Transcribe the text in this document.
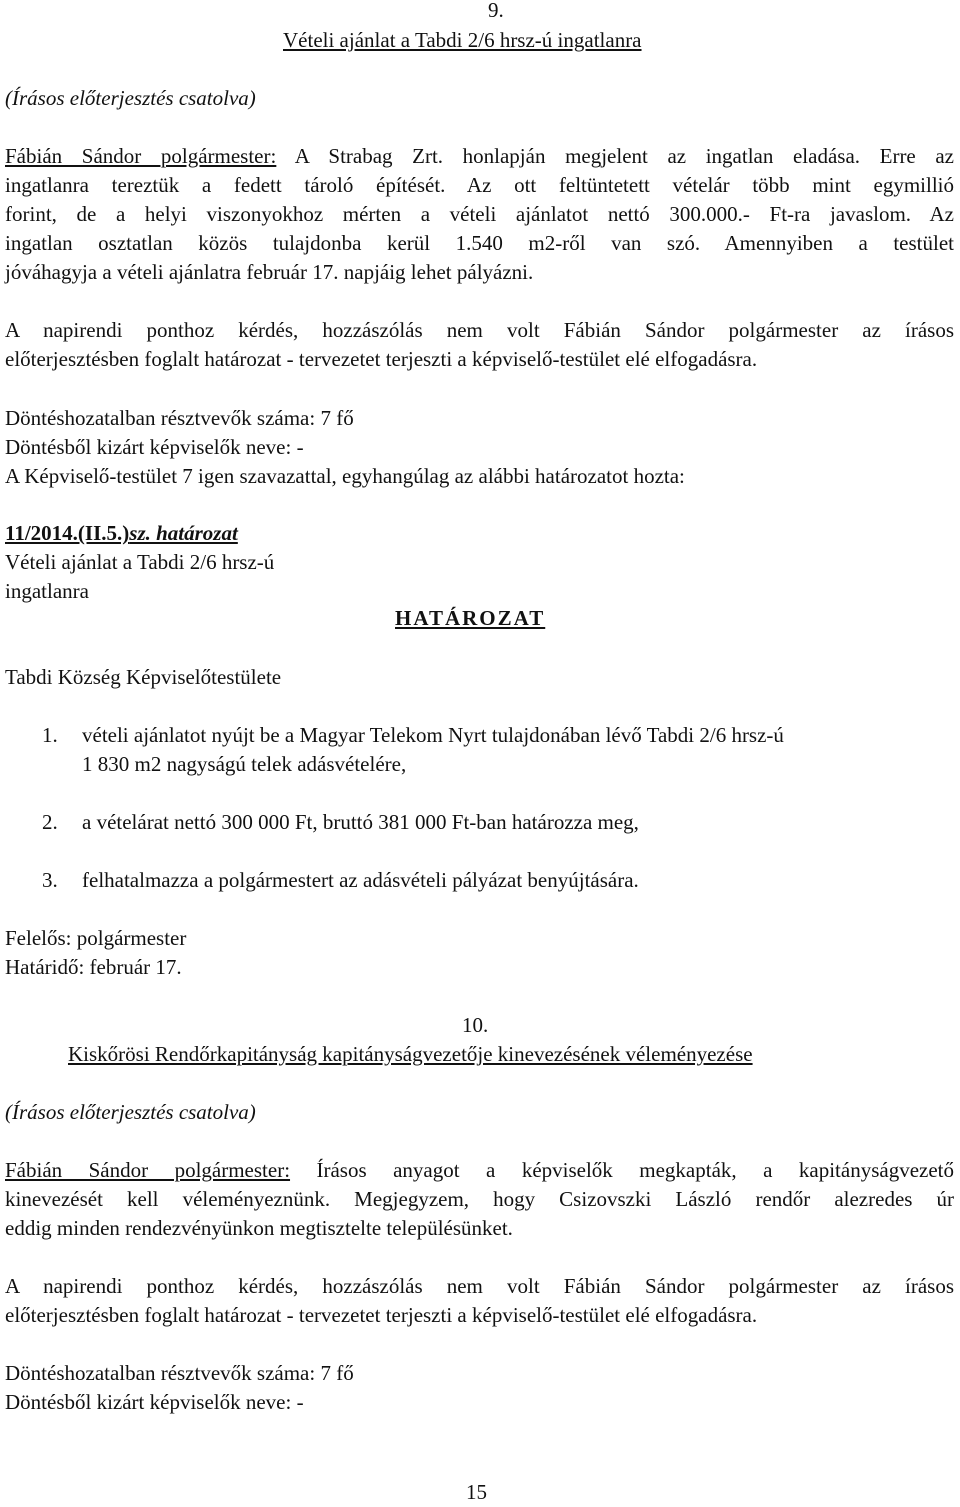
9.
Vételi ajánlat a Tabdi 2/6 hrsz-ú ingatlanra
(Írásos előterjesztés csatolva)
Fábián Sándor polgármester: A Strabag Zrt. honlapján megjelent az ingatlan eladása. Erre az
ingatlanra tereztük a fedett tároló építését. Az ott feltüntetett vételár több mint egymillió
forint, de a helyi viszonyokhoz mérten a vételi ajánlatot nettó 300.000.- Ft-ra javaslom. Az
ingatlan osztatlan közös tulajdonba kerül 1.540 m2-ről van szó. Amennyiben a testület
jóváhagyja a vételi ajánlatra február 17. napjáig lehet pályázni.
A napirendi ponthoz kérdés, hozzászólás nem volt Fábián Sándor polgármester az írásos
előterjesztésben foglalt határozat - tervezetet terjeszti a képviselő-testület elé elfogadásra.
Döntéshozatalban résztvevők száma: 7 fő
Döntésből kizárt képviselők neve: -
A Képviselő-testület 7 igen szavazattal, egyhangúlag az alábbi határozatot hozta:
11/2014.(II.5.)sz. határozat
Vételi ajánlat a Tabdi 2/6 hrsz-ú
ingatlanra
HATÁROZAT
Tabdi Község Képviselőtestülete
1. vételi ajánlatot nyújt be a Magyar Telekom Nyrt tulajdonában lévő Tabdi 2/6 hrsz-ú
1 830 m2 nagyságú telek adásvételére,
2. a vételárat nettó 300 000 Ft, bruttó 381 000 Ft-ban határozza meg,
3. felhatalmazza a polgármestert az adásvételi pályázat benyújtására.
Felelős: polgármester
Határidő: február 17.
10.
Kiskőrösi Rendőrkapitányság kapitányságvezetője kinevezésének véleményezése
(Írásos előterjesztés csatolva)
Fábián Sándor polgármester: Írásos anyagot a képviselők megkapták, a kapitányságvezető
kinevezését kell véleményeznünk. Megjegyzem, hogy Csizovszki László rendőr alezredes úr
eddig minden rendezvényünkon megtisztelte településünket.
A napirendi ponthoz kérdés, hozzászólás nem volt Fábián Sándor polgármester az írásos
előterjesztésben foglalt határozat - tervezetet terjeszti a képviselő-testület elé elfogadásra.
Döntéshozatalban résztvevők száma: 7 fő
Döntésből kizárt képviselők neve: -
15
